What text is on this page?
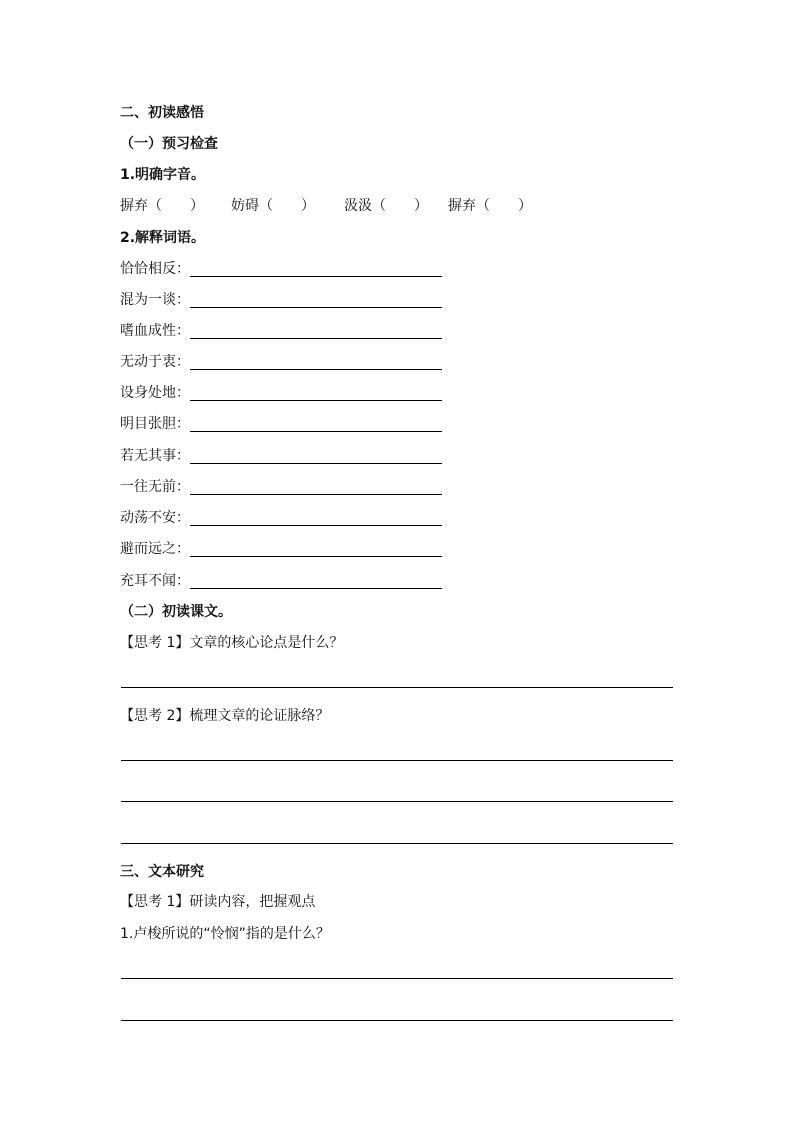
二、初读感悟
（一）预习检查
1.明确字音。
摒弃（　　） 妨碍（　　） 汲汲（　　） 摒弃（　　）
2.解释词语。
恰恰相反：
混为一谈：
嗜血成性：
无动于衷：
设身处地：
明目张胆：
若无其事：
一往无前：
动荡不安：
避而远之：
充耳不闻：
（二）初读课文。
【思考 1】文章的核心论点是什么？
【思考 2】梳理文章的论证脉络？
三、文本研究
【思考 1】研读内容，把握观点
1.卢梭所说的“怜悯”指的是什么？
